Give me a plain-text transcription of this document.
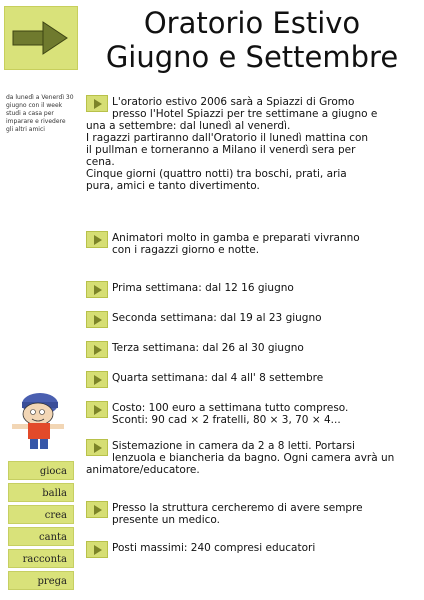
Oratorio Estivo
Giugno e Settembre
da lunedì a Venerdì 30 giugno con il week studi a casa per imparare e rivedere gli altri amici
gioca
balla
crea
canta
racconta
prega
L'oratorio estivo 2006 sarà a Spiazzi di Gromo
presso l'Hotel Spiazzi per tre settimane a giugno e
una a settembre: dal lunedì al venerdì.
I ragazzi partiranno dall'Oratorio il lunedì mattina con
il pullman e torneranno a Milano il venerdì sera per
cena.
Cinque giorni (quattro notti) tra boschi, prati, aria
pura, amici e tanto divertimento.
Animatori molto in gamba e preparati vivranno
con i ragazzi giorno e notte.
Prima settimana: dal 12 16 giugno
Seconda settimana: dal 19 al 23 giugno
Terza settimana: dal 26 al 30 giugno
Quarta settimana: dal 4 all' 8 settembre
Costo: 100 euro a settimana tutto compreso.
Sconti: 90 cad × 2 fratelli, 80 × 3, 70 × 4...
Sistemazione in camera da 2 a 8 letti. Portarsi
lenzuola e biancheria da bagno. Ogni camera avrà un
animatore/educatore.
Presso la struttura cercheremo di avere sempre
presente un medico.
Posti massimi: 240 compresi educatori
